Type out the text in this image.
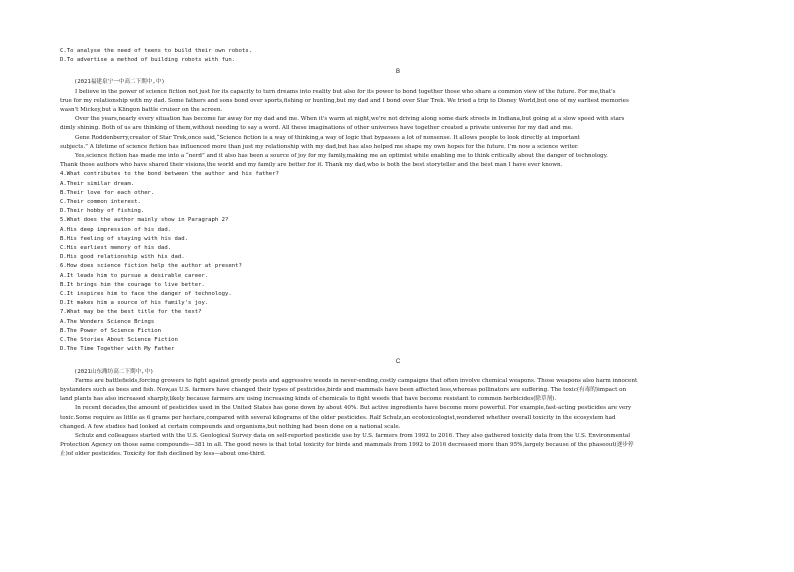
C.To analyse the need of teens to build their own robots.
D.To advertise a method of building robots with fun.
B
(2021福建泉宁一中高二下期中,中)
I believe in the power of science fiction not just for its capacity to turn dreams into reality but also for its power to bond together those who share a common view of the future. For me,that's
true for my relationship with my dad. Some fathers and sons bond over sports,fishing or hunting,but my dad and I bond over Star Trek. We tried a trip to Disney World,but one of my earliest memories
wasn't Mickey,but a Klingon battle cruiser on the screen.
Over the years,nearly every situation has become far away for my dad and me. When it's warm at night,we're not driving along some dark streets in Indiana,but going at a slow speed with stars
dimly shining. Both of us are thinking of them,without needing to say a word. All these imaginations of other universes have together created a private universe for my dad and me.
Gene Roddenberry,creator of Star Trek,once said,“Science fiction is a way of thinking,a way of logic that bypasses a lot of nonsense. It allows people to look directly at important
subjects.” A lifetime of science fiction has influenced more than just my relationship with my dad,but has also helped me shape my own hopes for the future. I'm now a science writer.
Yes,science fiction has made me into a “nerd” and it also has been a source of joy for my family,making me an optimist while enabling me to think critically about the danger of technology.
Thank those authors who have shared their visions,the world and my family are better for it. Thank my dad,who is both the best storyteller and the best man I have ever known.
4.What contributes to the bond between the author and his father?
A.Their similar dream.
B.Their love for each other.
C.Their common interest.
D.Their hobby of fishing.
5.What does the author mainly show in Paragraph 2?
A.His deep impression of his dad.
B.His feeling of staying with his dad.
C.His earliest memory of his dad.
D.His good relationship with his dad.
6.How does science fiction help the author at present?
A.It leads him to pursue a desirable career.
B.It brings him the courage to live better.
C.It inspires him to face the danger of technology.
D.It makes him a source of his family's joy.
7.What may be the best title for the text?
A.The Wonders Science Brings
B.The Power of Science Fiction
C.The Stories About Science Fiction
D.The Time Together with My Father
C
(2021山东潍坊高二下期中,中)
Farms are battlefields,forcing growers to fight against greedy pests and aggressive weeds in never-ending,costly campaigns that often involve chemical weapons. Those weapons also harm innocent
bystanders such as bees and fish. Now,as U.S. farmers have changed their types of pesticides,birds and mammals have been affected less,whereas pollinators are suffering. The toxic(有毒的)impact on
land plants has also increased sharply,likely because farmers are using increasing kinds of chemicals to fight weeds that have become resistant to common herbicides(除草剂).
In recent decades,the amount of pesticides used in the United States has gone down by about 40%. But active ingredients have become more powerful. For example,fast-acting pesticides are very
toxic.Some require as little as 6 grams per hectare,compared with several kilograms of the older pesticides. Ralf Schulz,an ecotoxicologist,wondered whether overall toxicity in the ecosystem had
changed. A few studies had looked at certain compounds and organisms,but nothing had been done on a national scale.
Schulz and colleagues started with the U.S. Geological Survey data on self-reported pesticide use by U.S. farmers from 1992 to 2016. They also gathered toxicity data from the U.S. Environmental
Protection Agency on those same compounds—381 in all. The good news is that total toxicity for birds and mammals from 1992 to 2016 decreased more than 95%,largely because of the phaseout(逐步停
止)of older pesticides. Toxicity for fish declined by less—about one-third.
